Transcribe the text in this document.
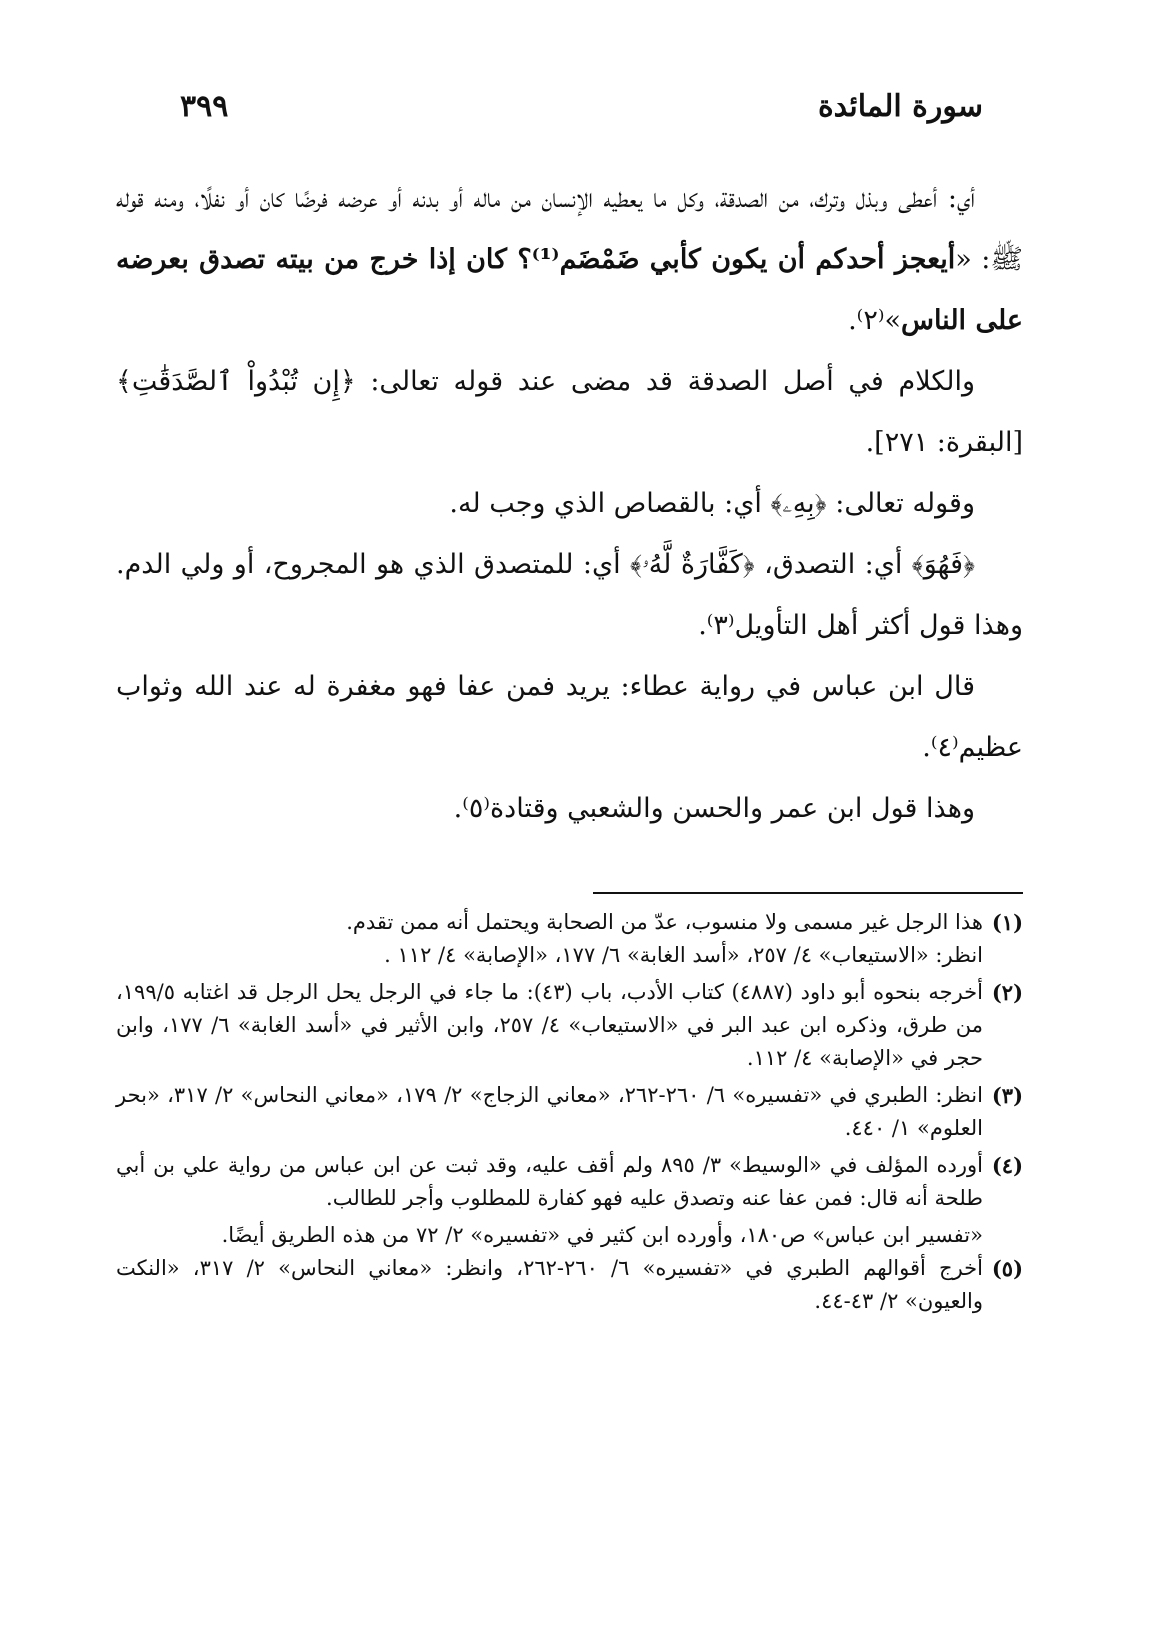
سورة المائدة
٣٩٩

أي: أعطى وبذل وترك، من الصدقة، وكل ما يعطيه الإنسان من ماله أو بدنه أو عرضه فرضًا كان أو نفلًا، ومنه قوله ﷺ: «أيعجز أحدكم أن يكون كأبي ضَمْضَم⁽¹⁾؟ كان إذا خرج من بيته تصدق بعرضه على الناس»⁽٢⁾.

والكلام في أصل الصدقة قد مضى عند قوله تعالى: ﴿إِن تُبْدُواْ ٱلصَّدَقَٰتِ﴾ [البقرة: ٢٧١].

وقوله تعالى: ﴿بِهِۦ﴾ أي: بالقصاص الذي وجب له.

﴿فَهُوَ﴾ أي: التصدق، ﴿كَفَّارَةٌ لَّهُۥ﴾ أي: للمتصدق الذي هو المجروح، أو ولي الدم. وهذا قول أكثر أهل التأويل⁽٣⁾.

قال ابن عباس في رواية عطاء: يريد فمن عفا فهو مغفرة له عند الله وثواب عظيم⁽٤⁾.

وهذا قول ابن عمر والحسن والشعبي وقتادة⁽٥⁾.

(١)
هذا الرجل غير مسمى ولا منسوب، عدّ من الصحابة ويحتمل أنه ممن تقدم.
انظر: «الاستيعاب» ٤/ ٢٥٧، «أسد الغابة» ٦/ ١٧٧، «الإصابة» ٤/ ١١٢ .
(٢)
أخرجه بنحوه أبو داود (٤٨٨٧) كتاب الأدب، باب (٤٣): ما جاء في الرجل يحل الرجل قد اغتابه ١٩٩/٥، من طرق، وذكره ابن عبد البر في «الاستيعاب» ٤/ ٢٥٧، وابن الأثير في «أسد الغابة» ٦/ ١٧٧، وابن حجر في «الإصابة» ٤/ ١١٢.
(٣)
انظر: الطبري في «تفسيره» ٦/ ٢٦٠-٢٦٢، «معاني الزجاج» ٢/ ١٧٩، «معاني النحاس» ٢/ ٣١٧، «بحر العلوم» ١/ ٤٤٠.
(٤)
أورده المؤلف في «الوسيط» ٣/ ٨٩٥ ولم أقف عليه، وقد ثبت عن ابن عباس من رواية علي بن أبي طلحة أنه قال: فمن عفا عنه وتصدق عليه فهو كفارة للمطلوب وأجر للطالب.
«تفسير ابن عباس» ص١٨٠، وأورده ابن كثير في «تفسيره» ٢/ ٧٢ من هذه الطريق أيضًا.
(٥)
أخرج أقوالهم الطبري في «تفسيره» ٦/ ٢٦٠-٢٦٢، وانظر: «معاني النحاس» ٢/ ٣١٧، «النكت والعيون» ٢/ ٤٣-٤٤.
